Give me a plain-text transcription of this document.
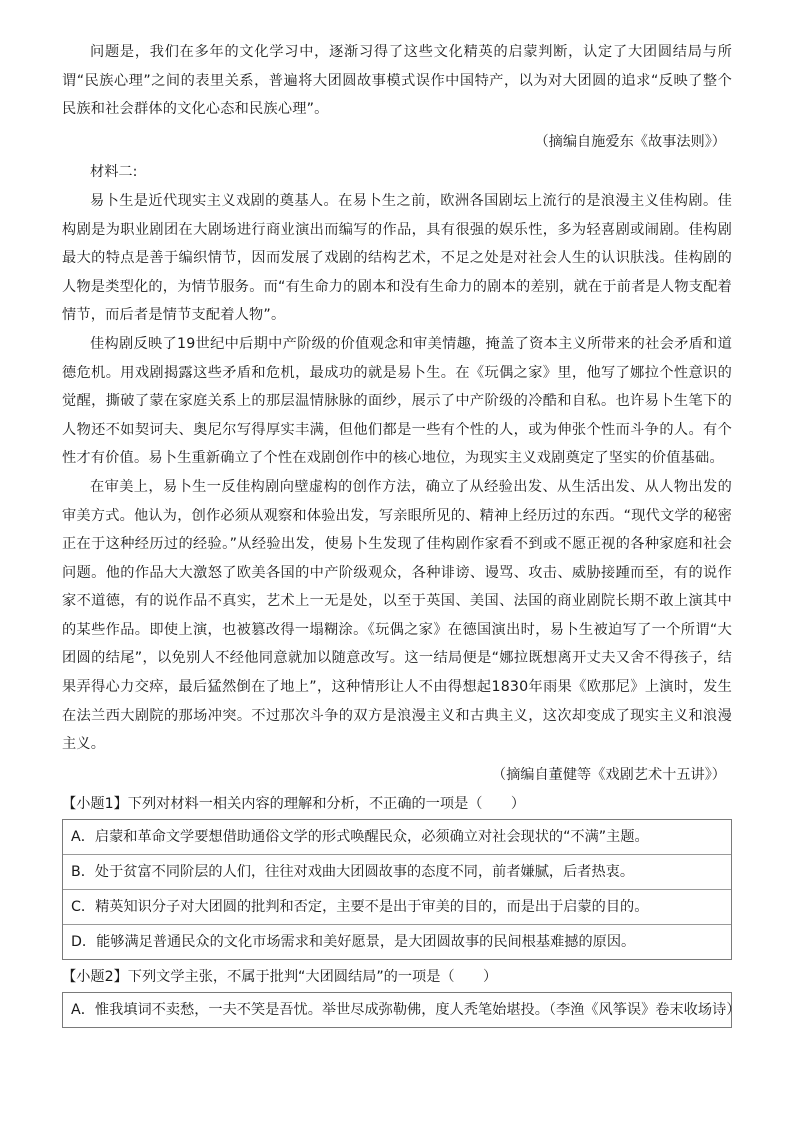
问题是，我们在多年的文化学习中，逐渐习得了这些文化精英的启蒙判断，认定了大团圆结局与所谓“民族心理”之间的表里关系，普遍将大团圆故事模式误作中国特产，以为对大团圆的追求“反映了整个民族和社会群体的文化心态和民族心理”。

（摘编自施爱东《故事法则》）

材料二:

易卜生是近代现实主义戏剧的奠基人。在易卜生之前，欧洲各国剧坛上流行的是浪漫主义佳构剧。佳构剧是为职业剧团在大剧场进行商业演出而编写的作品，具有很强的娱乐性，多为轻喜剧或闹剧。佳构剧最大的特点是善于编织情节，因而发展了戏剧的结构艺术，不足之处是对社会人生的认识肤浅。佳构剧的人物是类型化的，为情节服务。而“有生命力的剧本和没有生命力的剧本的差别，就在于前者是人物支配着情节，而后者是情节支配着人物”。

佳构剧反映了19世纪中后期中产阶级的价值观念和审美情趣，掩盖了资本主义所带来的社会矛盾和道德危机。用戏剧揭露这些矛盾和危机，最成功的就是易卜生。在《玩偶之家》里，他写了娜拉个性意识的觉醒，撕破了蒙在家庭关系上的那层温情脉脉的面纱，展示了中产阶级的冷酷和自私。也许易卜生笔下的人物还不如契诃夫、奥尼尔写得厚实丰满，但他们都是一些有个性的人，或为伸张个性而斗争的人。有个性才有价值。易卜生重新确立了个性在戏剧创作中的核心地位，为现实主义戏剧奠定了坚实的价值基础。

在审美上，易卜生一反佳构剧向壁虚构的创作方法，确立了从经验出发、从生活出发、从人物出发的审美方式。他认为，创作必须从观察和体验出发，写亲眼所见的、精神上经历过的东西。“现代文学的秘密正在于这种经历过的经验。”从经验出发，使易卜生发现了佳构剧作家看不到或不愿正视的各种家庭和社会问题。他的作品大大激怒了欧美各国的中产阶级观众，各种诽谤、谩骂、攻击、威胁接踵而至，有的说作家不道德，有的说作品不真实，艺术上一无是处，以至于英国、美国、法国的商业剧院长期不敢上演其中的某些作品。即使上演，也被篡改得一塌糊涂。《玩偶之家》在德国演出时，易卜生被迫写了一个所谓“大团圆的结尾”，以免别人不经他同意就加以随意改写。这一结局便是“娜拉既想离开丈夫又舍不得孩子，结果弄得心力交瘁，最后猛然倒在了地上”，这种情形让人不由得想起1830年雨果《欧那尼》上演时，发生在法兰西大剧院的那场冲突。不过那次斗争的双方是浪漫主义和古典主义，这次却变成了现实主义和浪漫主义。

（摘编自董健等《戏剧艺术十五讲》）

【小题1】下列对材料一相关内容的理解和分析，不正确的一项是（　　）

A．启蒙和革命文学要想借助通俗文学的形式唤醒民众，必须确立对社会现状的“不满”主题。
B．处于贫富不同阶层的人们，往往对戏曲大团圆故事的态度不同，前者嫌腻，后者热衷。
C．精英知识分子对大团圆的批判和否定，主要不是出于审美的目的，而是出于启蒙的目的。
D．能够满足普通民众的文化市场需求和美好愿景，是大团圆故事的民间根基难撼的原因。

【小题2】下列文学主张，不属于批判“大团圆结局”的一项是（　　）

A．惟我填词不卖愁，一夫不笑是吾忧。举世尽成弥勒佛，度人秃笔始堪投。（李渔《风筝误》卷末收场诗）
